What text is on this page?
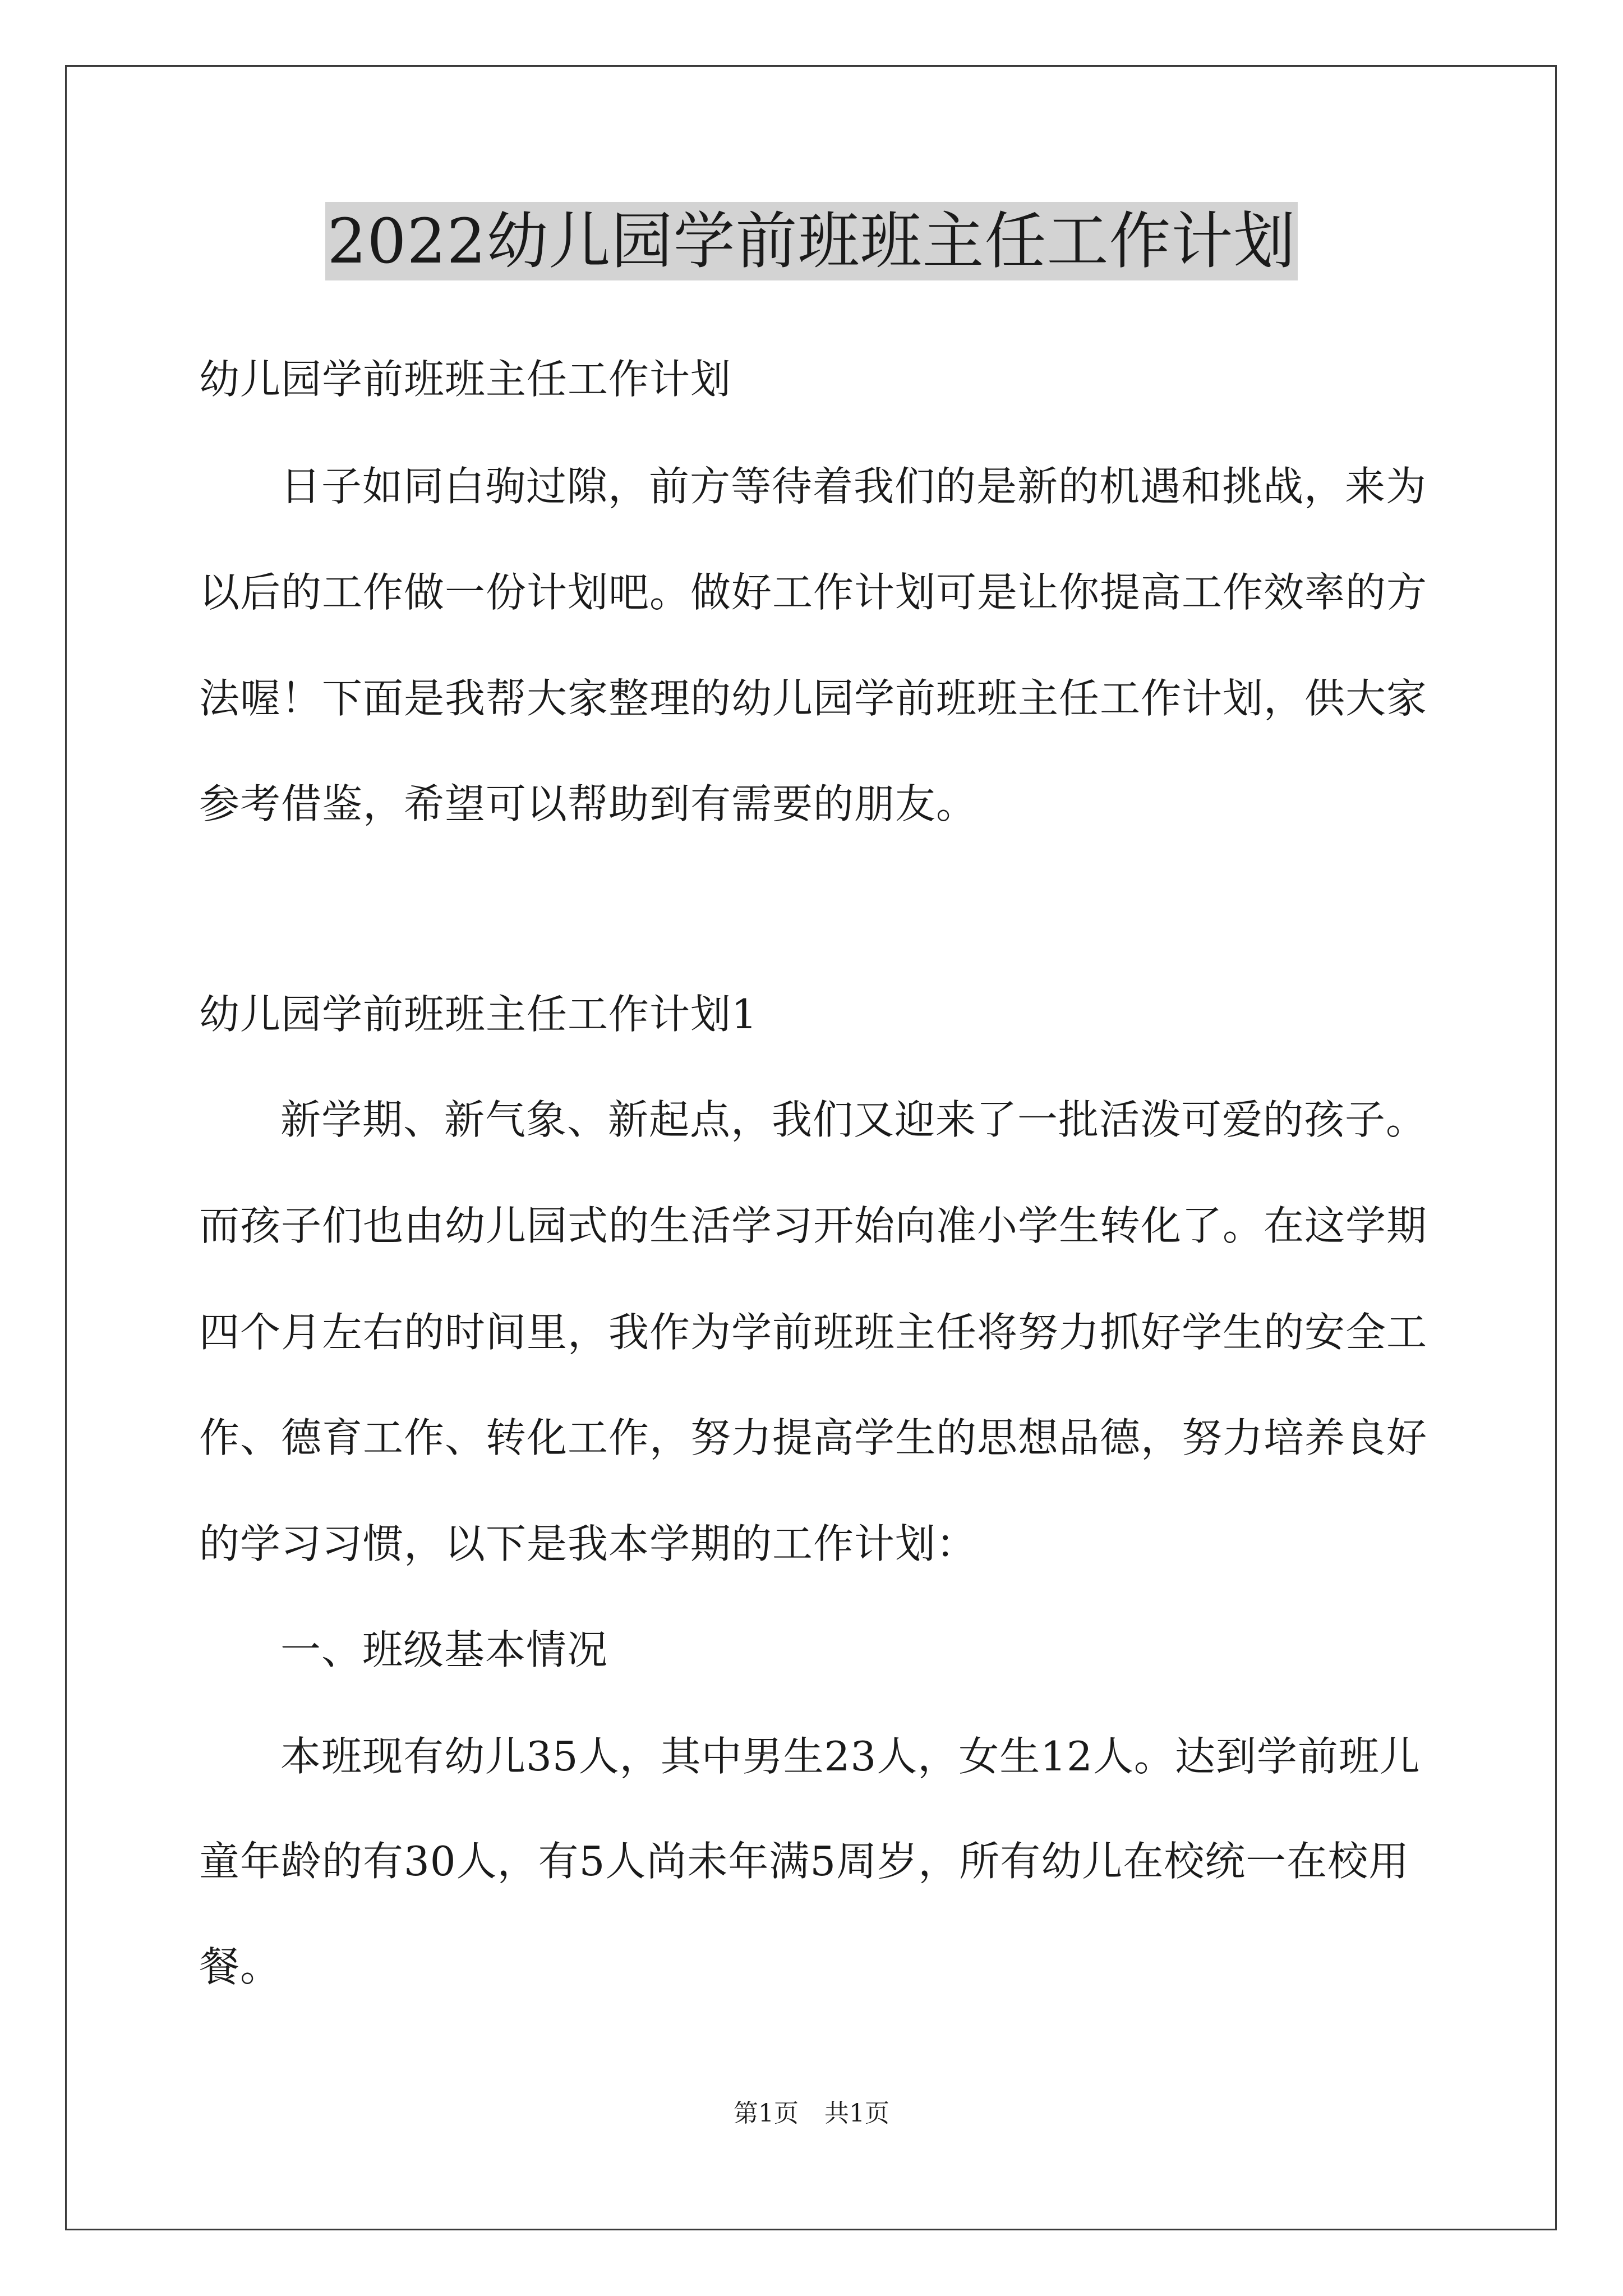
2022幼儿园学前班班主任工作计划
幼儿园学前班班主任工作计划
日子如同白驹过隙，前方等待着我们的是新的机遇和挑战，来为
以后的工作做一份计划吧。做好工作计划可是让你提高工作效率的方
法喔！下面是我帮大家整理的幼儿园学前班班主任工作计划，供大家
参考借鉴，希望可以帮助到有需要的朋友。
幼儿园学前班班主任工作计划1
新学期、新气象、新起点，我们又迎来了一批活泼可爱的孩子。
而孩子们也由幼儿园式的生活学习开始向准小学生转化了。在这学期
四个月左右的时间里，我作为学前班班主任将努力抓好学生的安全工
作、德育工作、转化工作，努力提高学生的思想品德，努力培养良好
的学习习惯，以下是我本学期的工作计划：
一、班级基本情况
本班现有幼儿35人，其中男生23人，女生12人。达到学前班儿
童年龄的有30人，有5人尚未年满5周岁，所有幼儿在校统一在校用
餐。
第1页 共1页
